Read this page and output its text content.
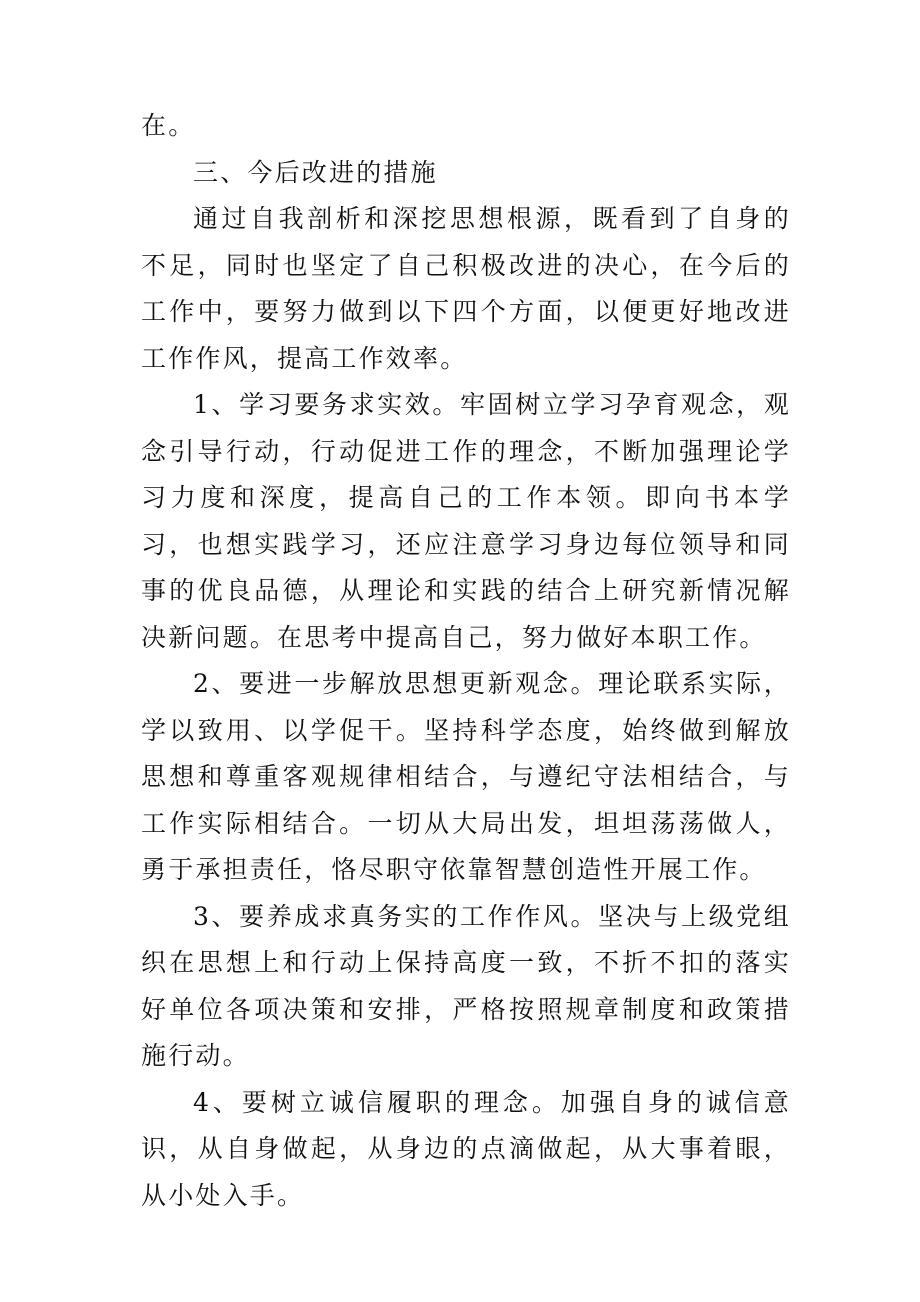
在。

三、今后改进的措施

通过自我剖析和深挖思想根源，既看到了自身的不足，同时也坚定了自己积极改进的决心，在今后的工作中，要努力做到以下四个方面，以便更好地改进工作作风，提高工作效率。

1、学习要务求实效。牢固树立学习孕育观念，观念引导行动，行动促进工作的理念，不断加强理论学习力度和深度，提高自己的工作本领。即向书本学习，也想实践学习，还应注意学习身边每位领导和同事的优良品德，从理论和实践的结合上研究新情况解决新问题。在思考中提高自己，努力做好本职工作。

2、要进一步解放思想更新观念。理论联系实际，学以致用、以学促干。坚持科学态度，始终做到解放思想和尊重客观规律相结合，与遵纪守法相结合，与工作实际相结合。一切从大局出发，坦坦荡荡做人，勇于承担责任，恪尽职守依靠智慧创造性开展工作。

3、要养成求真务实的工作作风。坚决与上级党组织在思想上和行动上保持高度一致，不折不扣的落实好单位各项决策和安排，严格按照规章制度和政策措施行动。

4、要树立诚信履职的理念。加强自身的诚信意识，从自身做起，从身边的点滴做起，从大事着眼，从小处入手。
